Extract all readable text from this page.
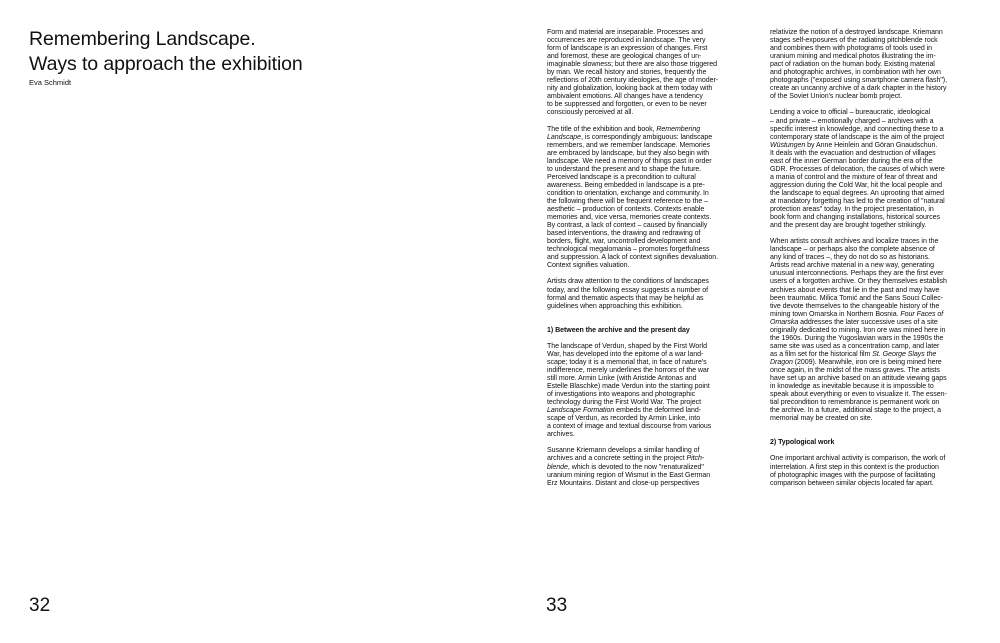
Remembering Landscape.
Ways to approach the exhibition
Eva Schmidt
32

Form and material are inseparable. Processes and
occurrences are reproduced in landscape. The very
form of landscape is an expression of changes. First
and foremost, these are geological changes of un-
imaginable slowness; but there are also those triggered
by man. We recall history and stories, frequently the
reflections of 20th century ideologies, the age of moder-
nity and globalization, looking back at them today with
ambivalent emotions. All changes have a tendency
to be suppressed and forgotten, or even to be never
consciously perceived at all.

The title of the exhibition and book, Remembering
Landscape, is correspondingly ambiguous: landscape
remembers, and we remember landscape. Memories
are embraced by landscape, but they also begin with
landscape. We need a memory of things past in order
to understand the present and to shape the future.
Perceived landscape is a precondition to cultural
awareness. Being embedded in landscape is a pre-
condition to orientation, exchange and community. In
the following there will be frequent reference to the –
aesthetic – production of contexts. Contexts enable
memories and, vice versa, memories create contexts.
By contrast, a lack of context – caused by financially
based interventions, the drawing and redrawing of
borders, flight, war, uncontrolled development and
technological megalomania – promotes forgetfulness
and suppression. A lack of context signifies devaluation.
Context signifies valuation.

Artists draw attention to the conditions of landscapes
today, and the following essay suggests a number of
formal and thematic aspects that may be helpful as
guidelines when approaching this exhibition.

1) Between the archive and the present day

The landscape of Verdun, shaped by the First World
War, has developed into the epitome of a war land-
scape; today it is a memorial that, in face of nature's
indifference, merely underlines the horrors of the war
still more. Armin Linke (with Aristide Antonas and
Estelle Blaschke) made Verdun into the starting point
of investigations into weapons and photographic
technology during the First World War. The project
Landscape Formation embeds the deformed land-
scape of Verdun, as recorded by Armin Linke, into
a context of image and textual discourse from various
archives.

Susanne Kriemann develops a similar handling of
archives and a concrete setting in the project Pitch-
blende, which is devoted to the now "renaturalized"
uranium mining region of Wismut in the East German
Erz Mountains. Distant and close-up perspectives

relativize the notion of a destroyed landscape. Kriemann
stages self-exposures of the radiating pitchblende rock
and combines them with photograms of tools used in
uranium mining and medical photos illustrating the im-
pact of radiation on the human body. Existing material
and photographic archives, in combination with her own
photographs ("exposed using smartphone camera flash"),
create an uncanny archive of a dark chapter in the history
of the Soviet Union's nuclear bomb project.

Lending a voice to official – bureaucratic, ideological
– and private – emotionally charged – archives with a
specific interest in knowledge, and connecting these to a
contemporary state of landscape is the aim of the project
Wüstungen by Anne Heinlein and Göran Gnaudschun.
It deals with the evacuation and destruction of villages
east of the inner German border during the era of the
GDR. Processes of delocation, the causes of which were
a mania of control and the mixture of fear of threat and
aggression during the Cold War, hit the local people and
the landscape to equal degrees. An uprooting that aimed
at mandatory forgetting has led to the creation of "natural
protection areas" today. In the project presentation, in
book form and changing installations, historical sources
and the present day are brought together strikingly.

When artists consult archives and localize traces in the
landscape – or perhaps also the complete absence of
any kind of traces –, they do not do so as historians.
Artists read archive material in a new way, generating
unusual interconnections. Perhaps they are the first ever
users of a forgotten archive. Or they themselves establish
archives about events that lie in the past and may have
been traumatic. Milica Tomić and the Sans Souci Collec-
tive devote themselves to the changeable history of the
mining town Omarska in Northern Bosnia. Four Faces of
Omarska addresses the later successive uses of a site
originally dedicated to mining. Iron ore was mined here in
the 1960s. During the Yugoslavian wars in the 1990s the
same site was used as a concentration camp, and later
as a film set for the historical film St. George Slays the
Dragon (2009). Meanwhile, iron ore is being mined here
once again, in the midst of the mass graves. The artists
have set up an archive based on an attitude viewing gaps
in knowledge as inevitable because it is impossible to
speak about everything or even to visualize it. The essen-
tial precondition to remembrance is permanent work on
the archive. In a future, additional stage to the project, a
memorial may be created on site.

2) Typological work

One important archival activity is comparison, the work of
interrelation. A first step in this context is the production
of photographic images with the purpose of facilitating
comparison between similar objects located far apart.

33
